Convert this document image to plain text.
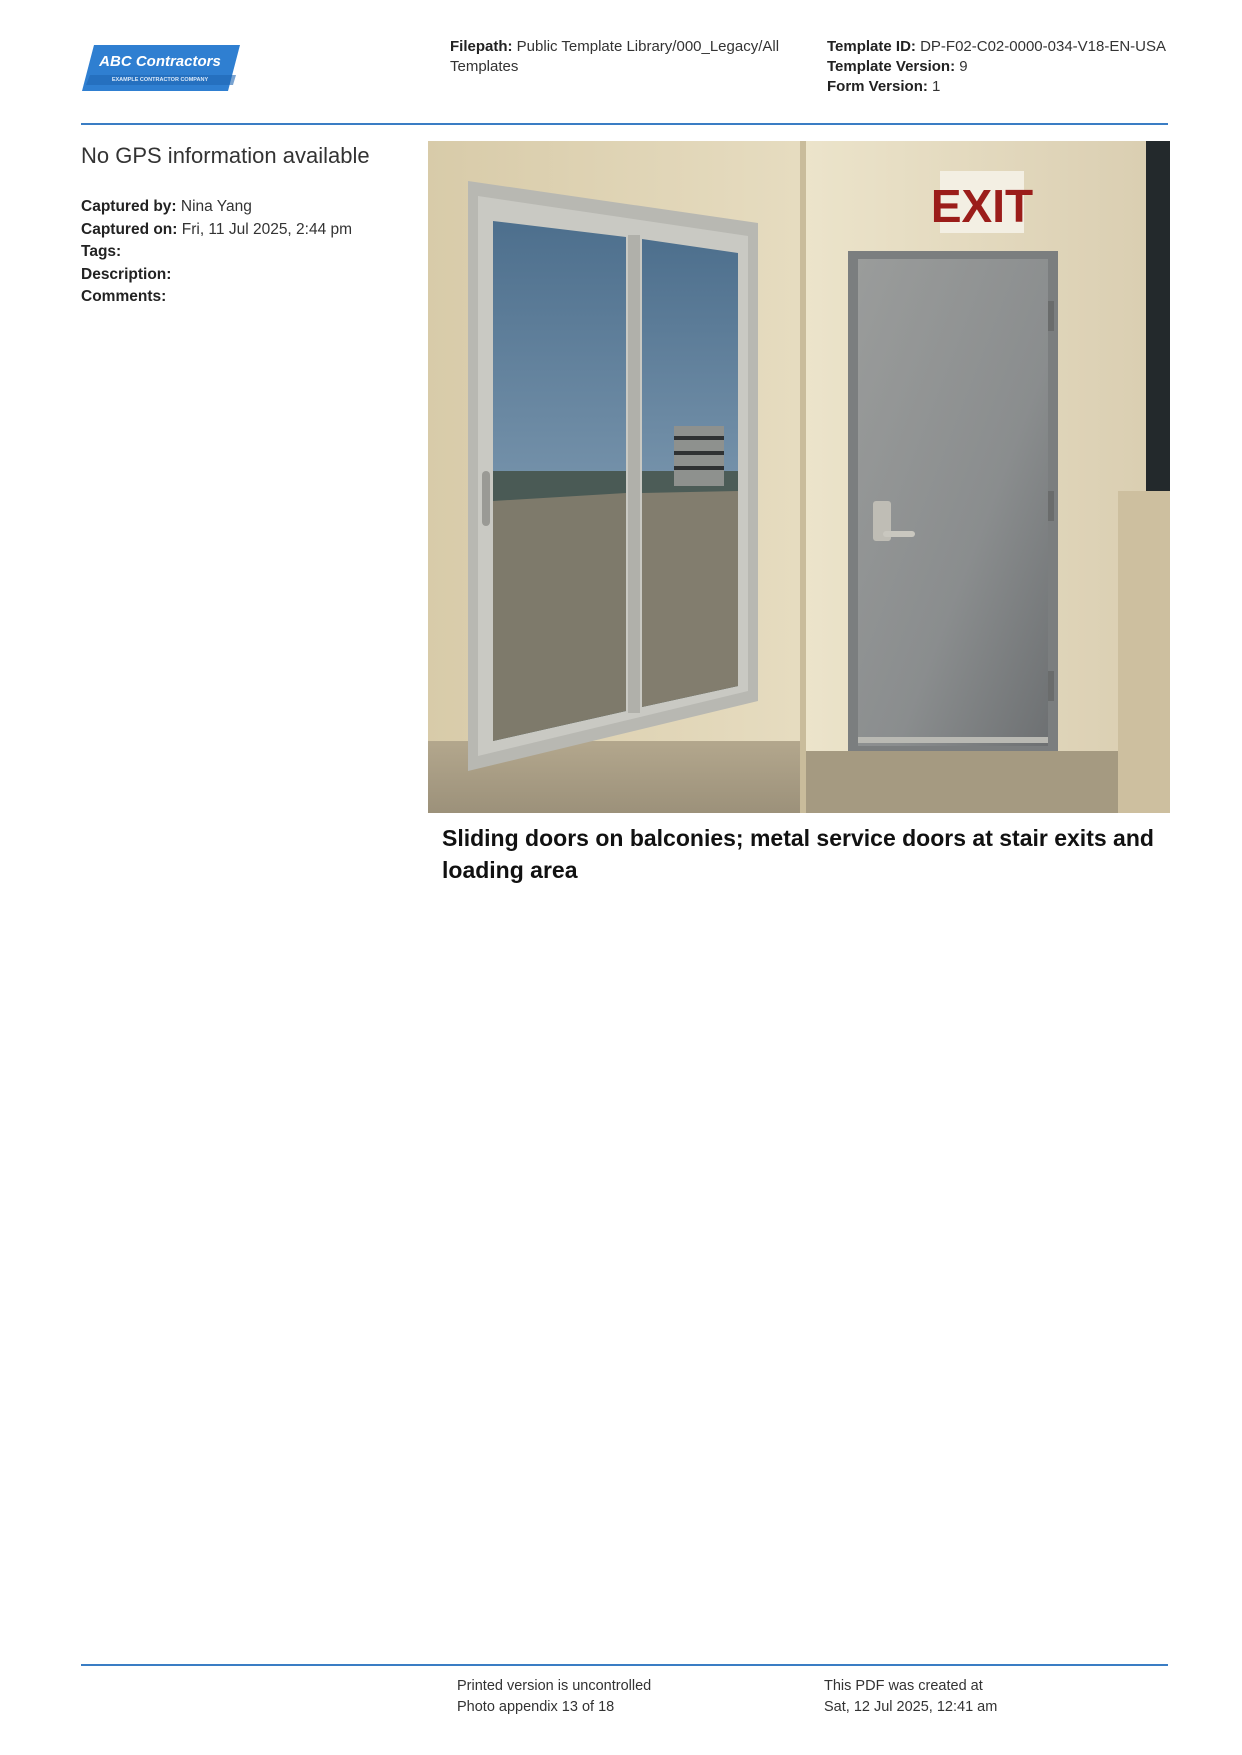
ABC Contractors
EXAMPLE CONTRACTOR COMPANY
Filepath: Public Template Library/000_Legacy/All Templates
Template ID: DP-F02-C02-0000-034-V18-EN-USA
Template Version: 9
Form Version: 1
No GPS information available
Captured by: Nina Yang
Captured on: Fri, 11 Jul 2025, 2:44 pm
Tags:
Description:
Comments:
EXIT
Sliding doors on balconies; metal service doors at stair exits and loading area
Printed version is uncontrolled
Photo appendix 13 of 18
This PDF was created at
Sat, 12 Jul 2025, 12:41 am
